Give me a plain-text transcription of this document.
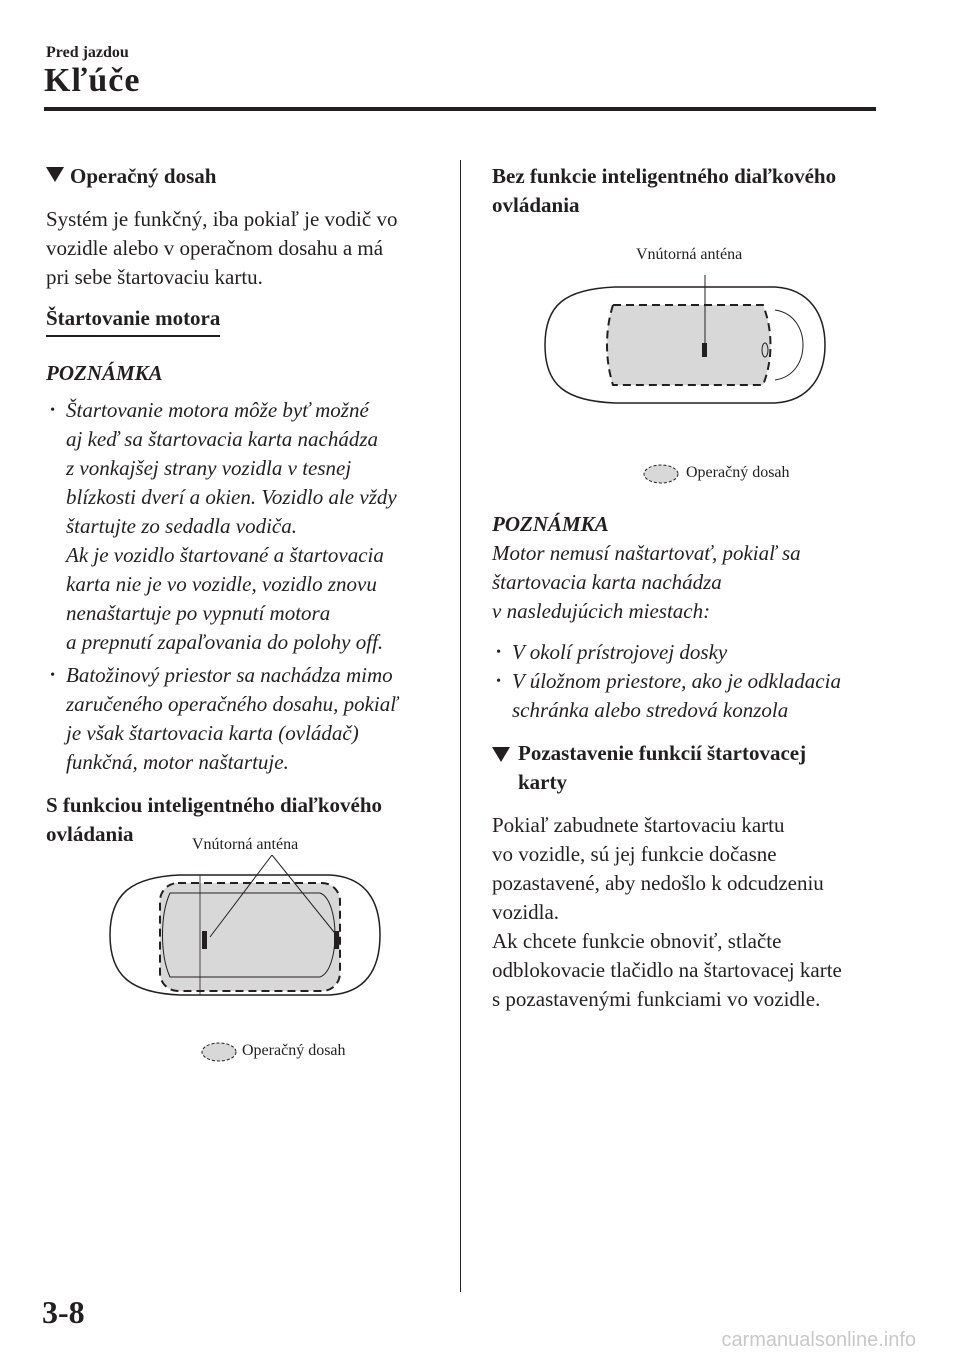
Pred jazdou
Kľúče
Operačný dosah

Systém je funkčný, iba pokiaľ je vodič vo
vozidle alebo v operačnom dosahu a má
pri sebe štartovaciu kartu.

Štartovanie motora

POZNÁMKA

• Štartovanie motora môže byť možné
aj keď sa štartovacia karta nachádza
z vonkajšej strany vozidla v tesnej
blízkosti dverí a okien. Vozidlo ale vždy
štartujte zo sedadla vodiča.
Ak je vozidlo štartované a štartovacia
karta nie je vo vozidle, vozidlo znovu
nenaštartuje po vypnutí motora
a prepnutí zapaľovania do polohy off.

• Batožinový priestor sa nachádza mimo
zaručeného operačného dosahu, pokiaľ
je však štartovacia karta (ovládač)
funkčná, motor naštartuje.

S funkciou inteligentného diaľkového
ovládania	Vnútorná anténa
Operačný dosah

Bez funkcie inteligentného diaľkového
ovládania

Vnútorná anténa
Operačný dosah

POZNÁMKA

Motor nemusí naštartovať, pokiaľ sa
štartovacia karta nachádza
v nasledujúcich miestach:

• V okolí prístrojovej dosky

• V úložnom priestore, ako je odkladacia
schránka alebo stredová konzola

Pozastavenie funkcií štartovacej
karty

Pokiaľ zabudnete štartovaciu kartu
vo vozidle, sú jej funkcie dočasne
pozastavené, aby nedošlo k odcudzeniu
vozidla.
Ak chcete funkcie obnoviť, stlačte
odblokovacie tlačidlo na štartovacej karte
s pozastavenými funkciami vo vozidle.

3-8
carmanualsonline.info
